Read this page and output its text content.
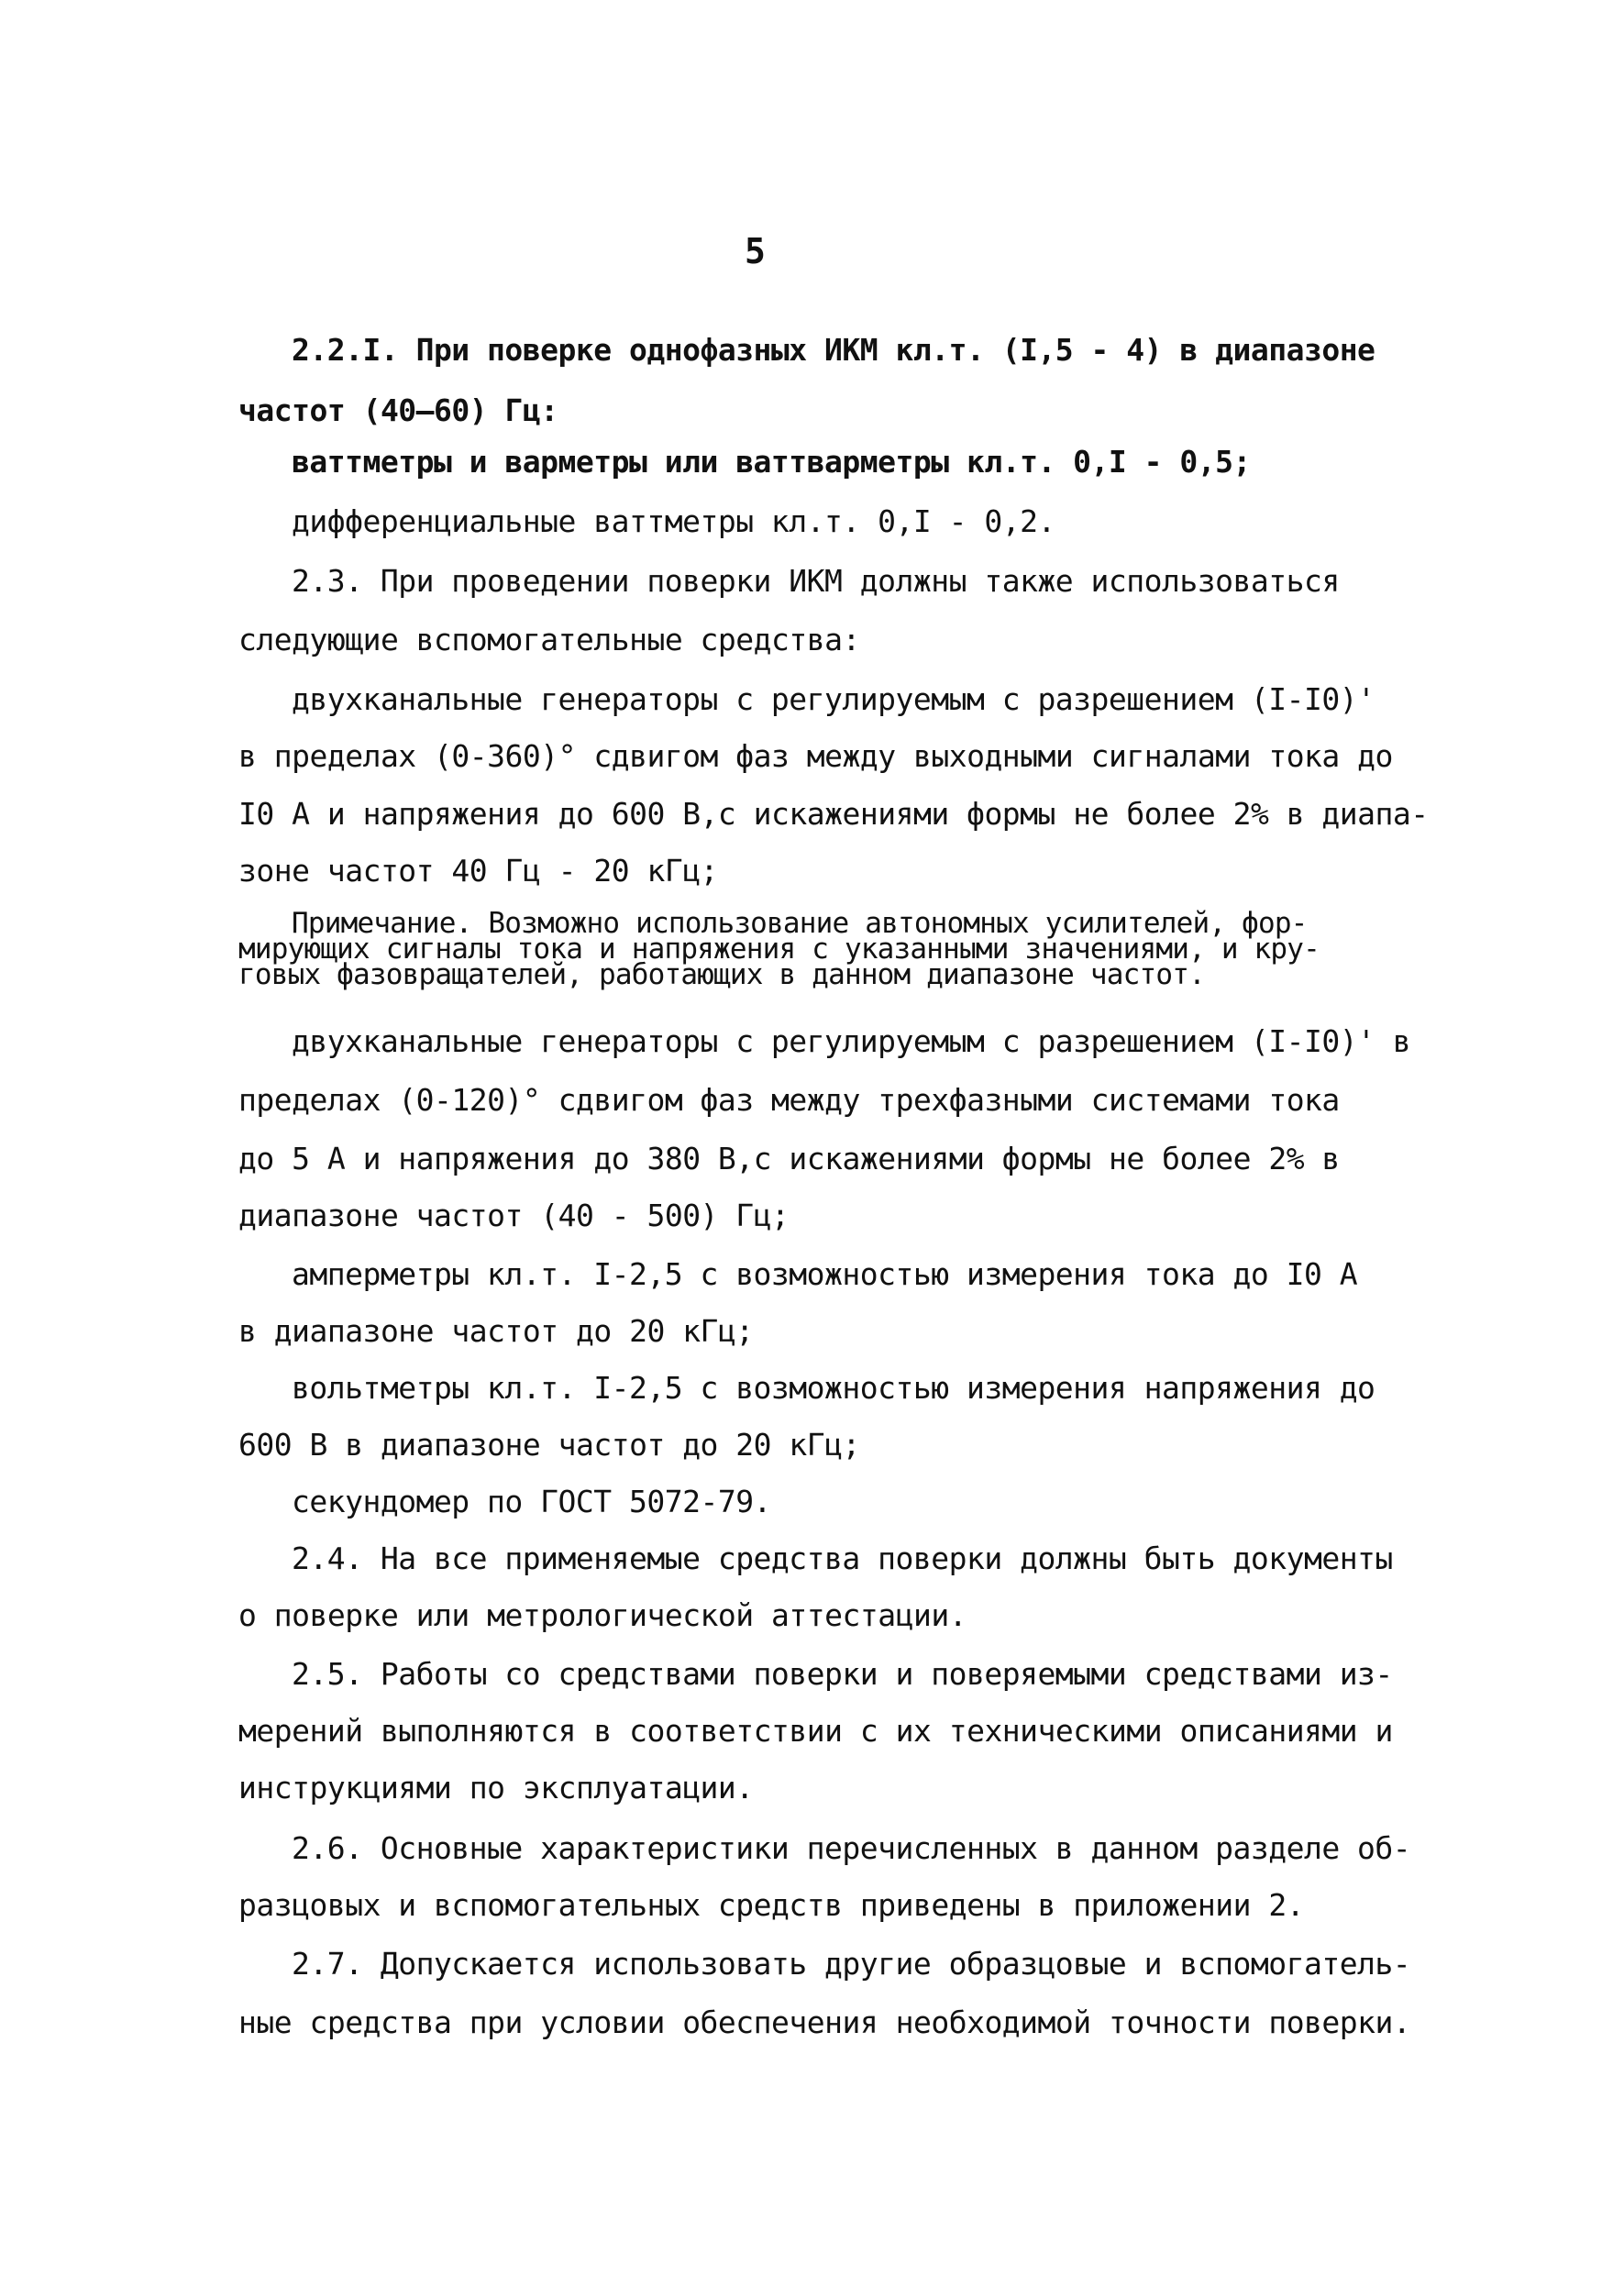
5
2.2.I. При поверке однофазных ИКМ кл.т. (I,5 - 4) в диапазоне
частот (40—60) Гц:
ваттметры и варметры или ваттварметры кл.т. 0,I - 0,5;
дифференциальные ваттметры кл.т. 0,I - 0,2.
2.3. При проведении поверки ИКМ должны также использоваться
следующие вспомогательные средства:
двухканальные генераторы с регулируемым с разрешением (I-I0)'
в пределах (0-360)° сдвигом фаз между выходными сигналами тока до
I0 А и напряжения до 600 В,с искажениями формы не более 2% в диапа-
зоне частот 40 Гц - 20 кГц;
Примечание. Возможно использование автономных усилителей, фор-
мирующих сигналы тока и напряжения с указанными значениями, и кру-
говых фазовращателей, работающих в данном диапазоне частот.
двухканальные генераторы с регулируемым с разрешением (I-I0)' в
пределах (0-120)° сдвигом фаз между трехфазными системами тока
до 5 А и напряжения до 380 В,с искажениями формы не более 2% в
диапазоне частот (40 - 500) Гц;
амперметры кл.т. I-2,5 с возможностью измерения тока до I0 А
в диапазоне частот до 20 кГц;
вольтметры кл.т. I-2,5 с возможностью измерения напряжения до
600 В в диапазоне частот до 20 кГц;
секундомер по ГОСТ 5072-79.
2.4. На все применяемые средства поверки должны быть документы
о поверке или метрологической аттестации.
2.5. Работы со средствами поверки и поверяемыми средствами из-
мерений выполняются в соответствии с их техническими описаниями и
инструкциями по эксплуатации.
2.6. Основные характеристики перечисленных в данном разделе об-
разцовых и вспомогательных средств приведены в приложении 2.
2.7. Допускается использовать другие образцовые и вспомогатель-
ные средства при условии обеспечения необходимой точности поверки.
